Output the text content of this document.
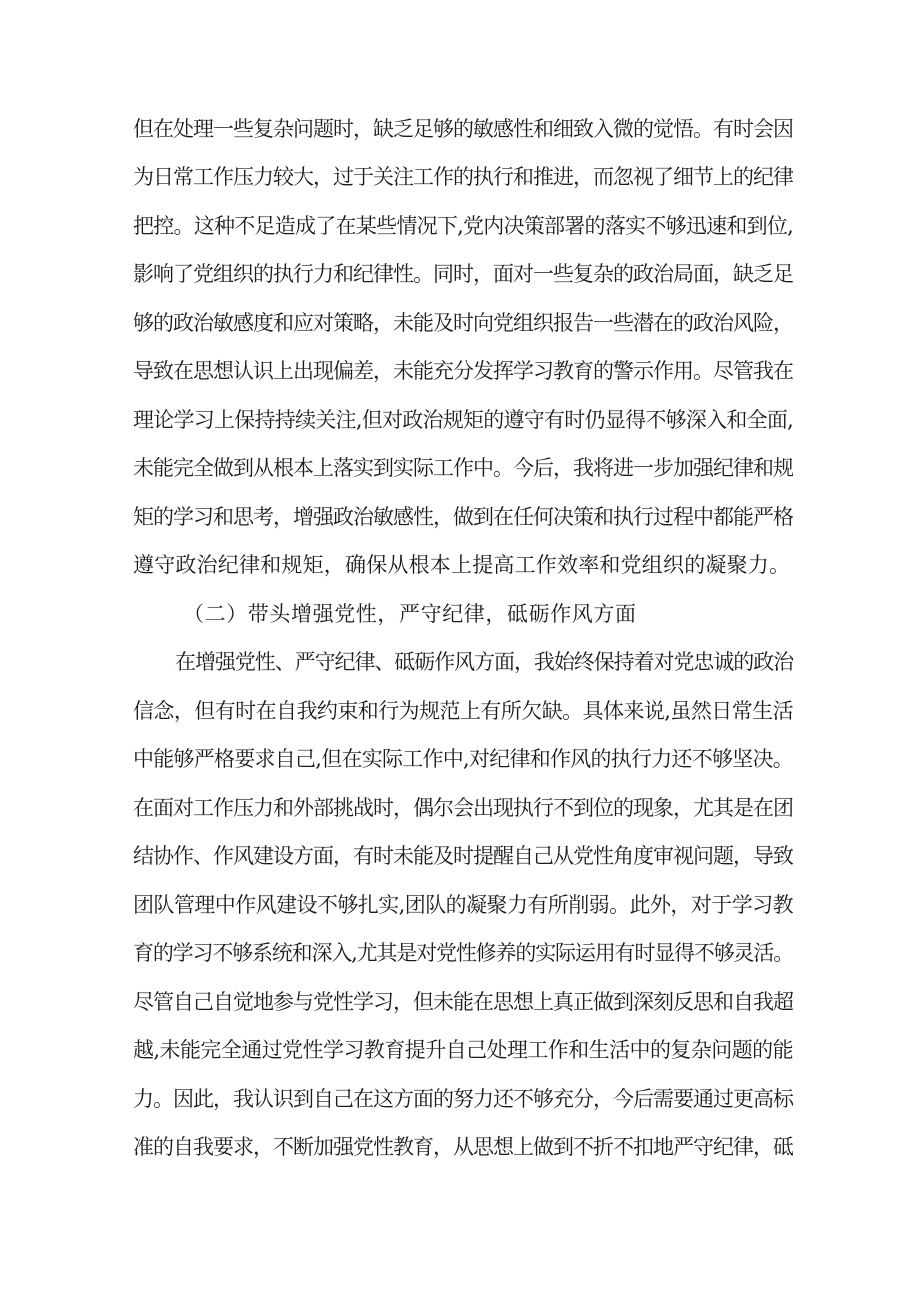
但在处理一些复杂问题时，缺乏足够的敏感性和细致入微的觉悟。有时会因
为日常工作压力较大，过于关注工作的执行和推进，而忽视了细节上的纪律
把控。这种不足造成了在某些情况下,党内决策部署的落实不够迅速和到位,
影响了党组织的执行力和纪律性。同时，面对一些复杂的政治局面，缺乏足
够的政治敏感度和应对策略，未能及时向党组织报告一些潜在的政治风险，
导致在思想认识上出现偏差，未能充分发挥学习教育的警示作用。尽管我在
理论学习上保持持续关注,但对政治规矩的遵守有时仍显得不够深入和全面,
未能完全做到从根本上落实到实际工作中。今后，我将进一步加强纪律和规
矩的学习和思考，增强政治敏感性，做到在任何决策和执行过程中都能严格
遵守政治纪律和规矩，确保从根本上提高工作效率和党组织的凝聚力。
（二）带头增强党性，严守纪律，砥砺作风方面
在增强党性、严守纪律、砥砺作风方面，我始终保持着对党忠诚的政治
信念，但有时在自我约束和行为规范上有所欠缺。具体来说,虽然日常生活
中能够严格要求自己,但在实际工作中,对纪律和作风的执行力还不够坚决。
在面对工作压力和外部挑战时，偶尔会出现执行不到位的现象，尤其是在团
结协作、作风建设方面，有时未能及时提醒自己从党性角度审视问题，导致
团队管理中作风建设不够扎实,团队的凝聚力有所削弱。此外，对于学习教
育的学习不够系统和深入,尤其是对党性修养的实际运用有时显得不够灵活。
尽管自己自觉地参与党性学习，但未能在思想上真正做到深刻反思和自我超
越,未能完全通过党性学习教育提升自己处理工作和生活中的复杂问题的能
力。因此，我认识到自己在这方面的努力还不够充分，今后需要通过更高标
准的自我要求，不断加强党性教育，从思想上做到不折不扣地严守纪律，砥
